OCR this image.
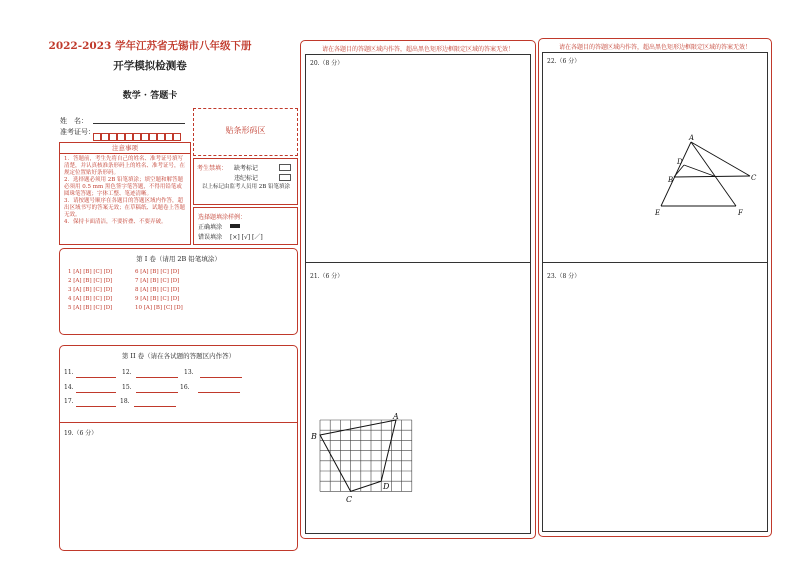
2022-2023 学年江苏省无锡市八年级下册
开学模拟检测卷
数学 · 答题卡
姓　名：
准考证号：	贴条形码区
注意事项
1．答题前，考生先将自己的姓名、准考证号填写清楚，并认真核准条形码上的姓名、准考证号，在规定位置贴好条形码。
2．选择题必须用 2B 铅笔填涂；填空题和解答题必须用 0.5 mm 黑色签字笔答题，不得用铅笔或圆珠笔答题；字体工整、笔迹清晰。
3．请按题号顺序在各题目的答题区域内作答，超出区域书写的答案无效；在草稿纸、试题卷上答题无效。
4．保持卡面清洁，不要折叠、不要弄破。
考生禁填： 缺考标记
违纪标记
以上标记由监考人员用 2B 铅笔填涂
选择题填涂样例：
正确填涂
错误填涂 [×] [√] [／]
第 I 卷（请用 2B 铅笔填涂）
1 [A] [B] [C] [D]
2 [A] [B] [C] [D]
3 [A] [B] [C] [D]
4 [A] [B] [C] [D]
5 [A] [B] [C] [D]
6 [A] [B] [C] [D]
7 [A] [B] [C] [D]
8 [A] [B] [C] [D]
9 [A] [B] [C] [D]
10 [A] [B] [C] [D]
第 II 卷（请在各试题的答题区内作答）
11.	12.	13.
14.	15.	16.
17.	18.
19.（6 分）
请在各题目的答题区域内作答，超出黑色矩形边框限定区域的答案无效！
20.（8 分）
21.（6 分）
A
B
C
D
请在各题目的答题区域内作答，超出黑色矩形边框限定区域的答案无效！
22.（6 分）
A
D
C
B
E	F
23.（8 分）
